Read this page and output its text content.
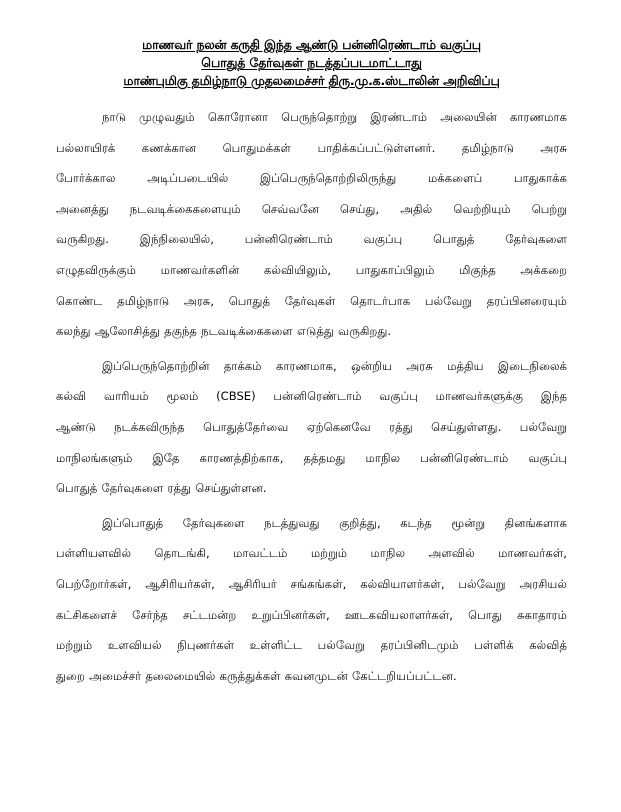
மாணவர் நலன் கருதி இந்த ஆண்டு பன்னிரெண்டாம் வகுப்பு
பொதுத் தேர்வுகள் நடத்தப்படமாட்டாது
மாண்புமிகு தமிழ்நாடு முதலமைச்சர் திரு.மு.க.ஸ்டாலின் அறிவிப்பு
நாடு முழுவதும் கொரோனா பெருந்தொற்று இரண்டாம் அலையின் காரணமாக
பல்லாயிரக் கணக்கான பொதுமக்கள் பாதிக்கப்பட்டுள்ளனர். தமிழ்நாடு அரசு
போர்க்கால அடிப்படையில் இப்பெருந்தொற்றிலிருந்து மக்களைப் பாதுகாக்க
அனைத்து நடவடிக்கைகளையும் செவ்வனே செய்து, அதில் வெற்றியும் பெற்று
வருகிறது. இந்நிலையில், பன்னிரெண்டாம் வகுப்பு பொதுத் தேர்வுகளை
எழுதவிருக்கும் மாணவர்களின் கல்வியிலும், பாதுகாப்பிலும் மிகுந்த அக்கறை
கொண்ட தமிழ்நாடு அரசு, பொதுத் தேர்வுகள் தொடர்பாக பல்வேறு தரப்பினரையும்
கலந்து ஆலோசித்து தகுந்த நடவடிக்கைகளை எடுத்து வருகிறது.
இப்பெருந்தொற்றின் தாக்கம் காரணமாக, ஒன்றிய அரசு மத்திய இடைநிலைக்
கல்வி வாரியம் மூலம் (CBSE) பன்னிரெண்டாம் வகுப்பு மாணவர்களுக்கு இந்த
ஆண்டு நடக்கவிருந்த பொதுத்தேர்வை ஏற்கெனவே ரத்து செய்துள்ளது. பல்வேறு
மாநிலங்களும் இதே காரணத்திற்காக, தத்தமது மாநில பன்னிரெண்டாம் வகுப்பு
பொதுத் தேர்வுகளை ரத்து செய்துள்ளன.
இப்பொதுத் தேர்வுகளை நடத்துவது குறித்து, கடந்த மூன்று தினங்களாக
பள்ளியளவில் தொடங்கி, மாவட்டம் மற்றும் மாநில அளவில் மாணவர்கள்,
பெற்றோர்கள், ஆசிரியர்கள், ஆசிரியர் சங்கங்கள், கல்வியாளர்கள், பல்வேறு அரசியல்
கட்சிகளைச் சேர்ந்த சட்டமன்ற உறுப்பினர்கள், ஊடகவியலாளர்கள், பொது சுகாதாரம்
மற்றும் உளவியல் நிபுணர்கள் உள்ளிட்ட பல்வேறு தரப்பினிடமும் பள்ளிக் கல்வித்
துறை அமைச்சர் தலைமையில் கருத்துக்கள் கவனமுடன் கேட்டறியப்பட்டன.
